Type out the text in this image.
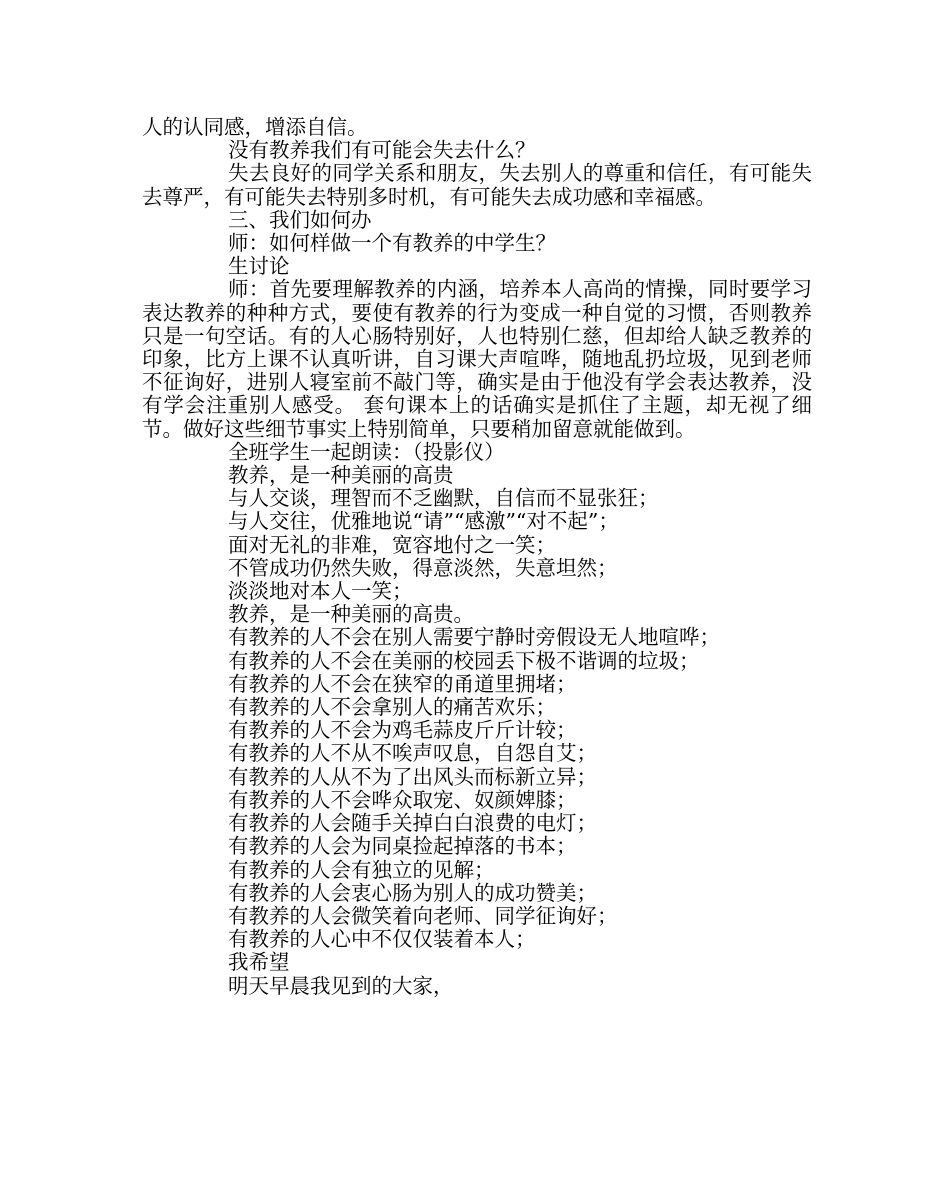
人的认同感，增添自信。

没有教养我们有可能会失去什么？

失去良好的同学关系和朋友，失去别人的尊重和信任，有可能失去尊严，有可能失去特别多时机，有可能失去成功感和幸福感。

三、我们如何办

师：如何样做一个有教养的中学生？

生讨论

师：首先要理解教养的内涵，培养本人高尚的情操，同时要学习表达教养的种种方式，要使有教养的行为变成一种自觉的习惯，否则教养只是一句空话。有的人心肠特别好，人也特别仁慈，但却给人缺乏教养的印象，比方上课不认真听讲，自习课大声喧哗，随地乱扔垃圾，见到老师不征询好，进别人寝室前不敲门等，确实是由于他没有学会表达教养，没有学会注重别人感受。 套句课本上的话确实是抓住了主题，却无视了细节。做好这些细节事实上特别简单，只要稍加留意就能做到。

全班学生一起朗读：（投影仪）

教养，是一种美丽的高贵

与人交谈，理智而不乏幽默，自信而不显张狂；

与人交往，优雅地说“请”“感激”“对不起”；

面对无礼的非难，宽容地付之一笑；

不管成功仍然失败，得意淡然，失意坦然；

淡淡地对本人一笑；

教养，是一种美丽的高贵。

有教养的人不会在别人需要宁静时旁假设无人地喧哗；

有教养的人不会在美丽的校园丢下极不谐调的垃圾；

有教养的人不会在狭窄的甬道里拥堵；

有教养的人不会拿别人的痛苦欢乐；

有教养的人不会为鸡毛蒜皮斤斤计较；

有教养的人不从不唉声叹息，自怨自艾；

有教养的人从不为了出风头而标新立异；

有教养的人不会哗众取宠、奴颜婢膝；

有教养的人会随手关掉白白浪费的电灯；

有教养的人会为同桌捡起掉落的书本；

有教养的人会有独立的见解；

有教养的人会衷心肠为别人的成功赞美；

有教养的人会微笑着向老师、同学征询好；

有教养的人心中不仅仅装着本人；

我希望

明天早晨我见到的大家，
